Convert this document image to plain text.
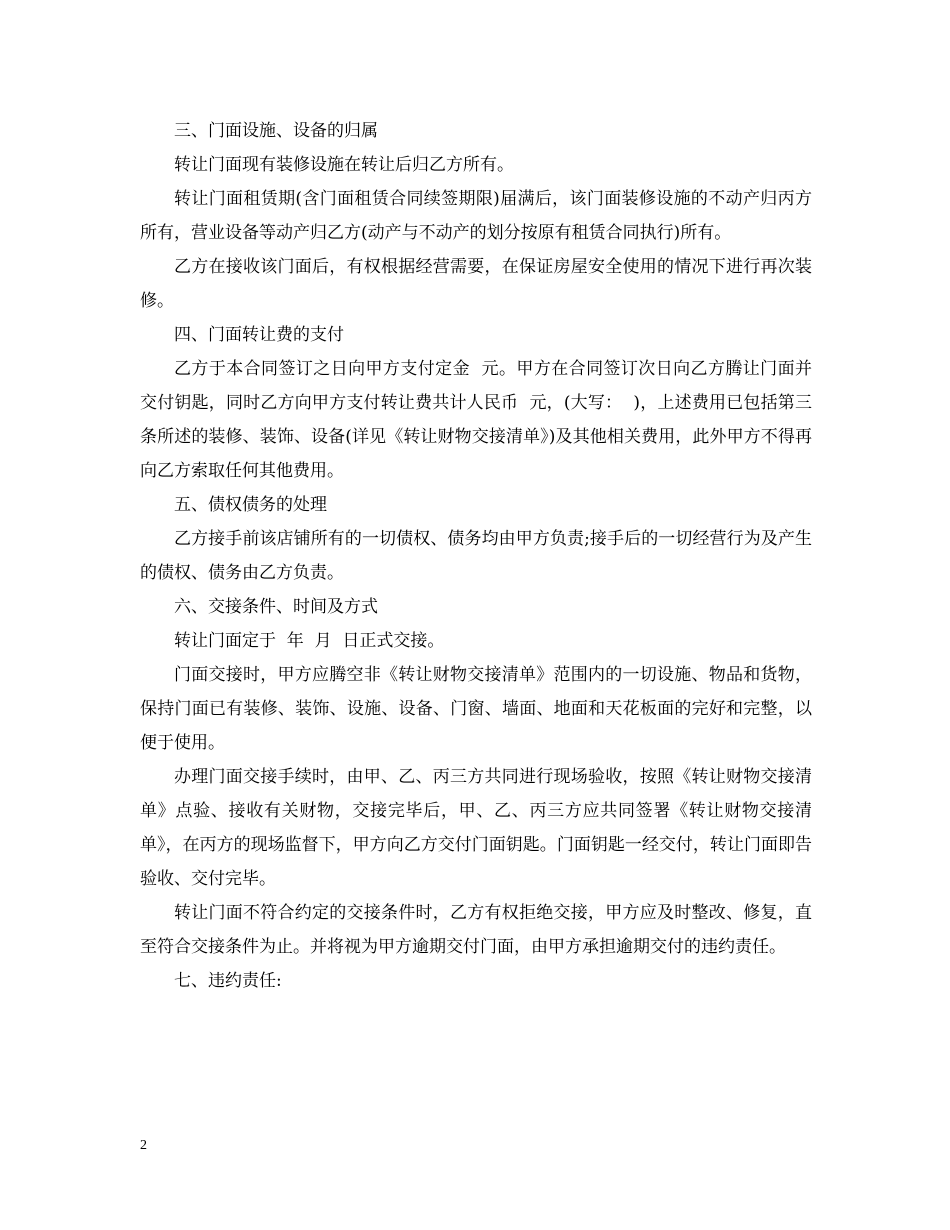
三、门面设施、设备的归属

转让门面现有装修设施在转让后归乙方所有。

转让门面租赁期(含门面租赁合同续签期限)届满后，该门面装修设施的不动产归丙方所有，营业设备等动产归乙方(动产与不动产的划分按原有租赁合同执行)所有。

乙方在接收该门面后，有权根据经营需要，在保证房屋安全使用的情况下进行再次装修。

四、门面转让费的支付

乙方于本合同签订之日向甲方支付定金  元。甲方在合同签订次日向乙方腾让门面并交付钥匙，同时乙方向甲方支付转让费共计人民币  元，(大写：  )，上述费用已包括第三条所述的装修、装饰、设备(详见《转让财物交接清单》)及其他相关费用，此外甲方不得再向乙方索取任何其他费用。

五、债权债务的处理

乙方接手前该店铺所有的一切债权、债务均由甲方负责;接手后的一切经营行为及产生的债权、债务由乙方负责。

六、交接条件、时间及方式

转让门面定于  年  月  日正式交接。

门面交接时，甲方应腾空非《转让财物交接清单》范围内的一切设施、物品和货物，保持门面已有装修、装饰、设施、设备、门窗、墙面、地面和天花板面的完好和完整，以便于使用。

办理门面交接手续时，由甲、乙、丙三方共同进行现场验收，按照《转让财物交接清单》点验、接收有关财物，交接完毕后，甲、乙、丙三方应共同签署《转让财物交接清单》，在丙方的现场监督下，甲方向乙方交付门面钥匙。门面钥匙一经交付，转让门面即告验收、交付完毕。

转让门面不符合约定的交接条件时，乙方有权拒绝交接，甲方应及时整改、修复，直至符合交接条件为止。并将视为甲方逾期交付门面，由甲方承担逾期交付的违约责任。

七、违约责任:

2
